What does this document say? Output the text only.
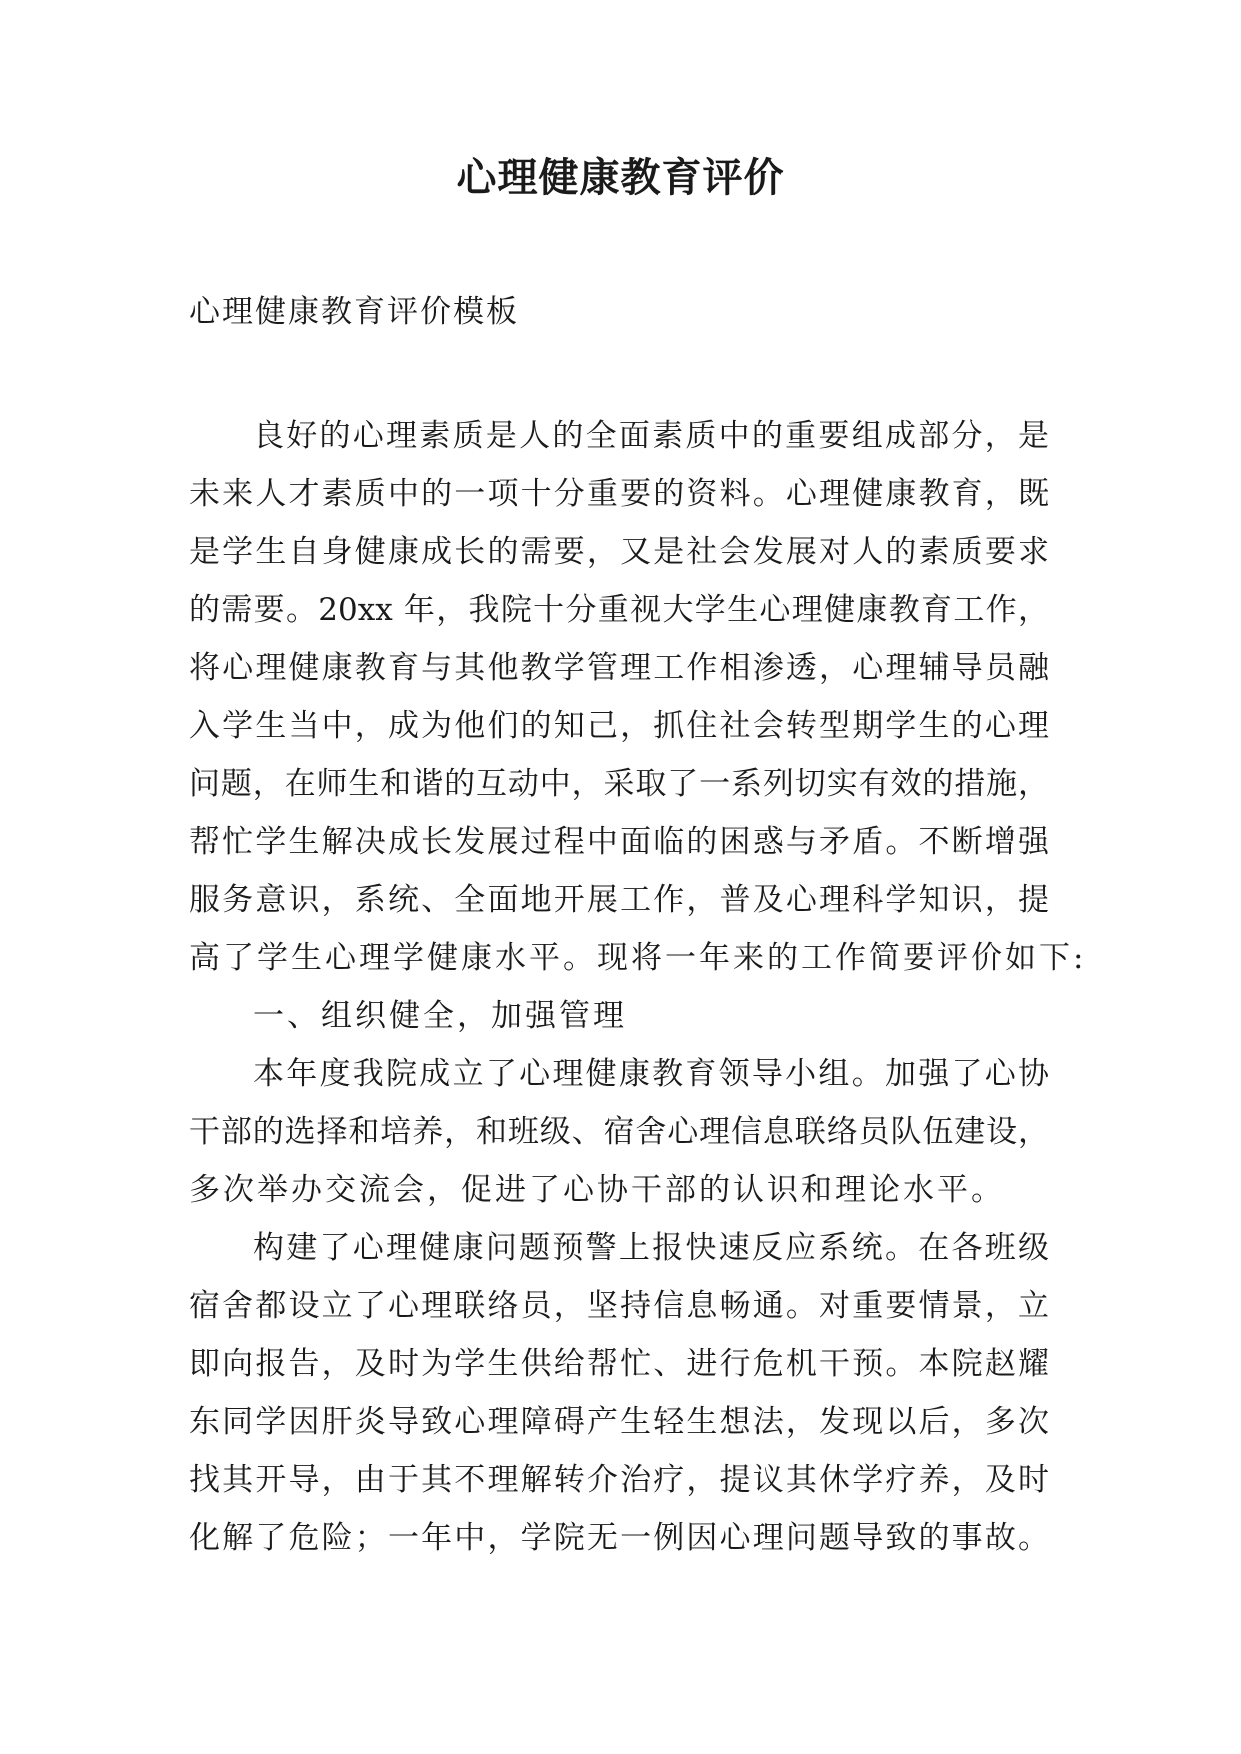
心理健康教育评价

心理健康教育评价模板

良好的心理素质是人的全面素质中的重要组成部分，是
未来人才素质中的一项十分重要的资料。心理健康教育，既
是学生自身健康成长的需要，又是社会发展对人的素质要求
的需要。20xx 年，我院十分重视大学生心理健康教育工作，
将心理健康教育与其他教学管理工作相渗透，心理辅导员融
入学生当中，成为他们的知己，抓住社会转型期学生的心理
问题，在师生和谐的互动中，采取了一系列切实有效的措施，
帮忙学生解决成长发展过程中面临的困惑与矛盾。不断增强
服务意识，系统、全面地开展工作，普及心理科学知识，提
高了学生心理学健康水平。现将一年来的工作简要评价如下:
一、组织健全，加强管理
本年度我院成立了心理健康教育领导小组。加强了心协
干部的选择和培养，和班级、宿舍心理信息联络员队伍建设，
多次举办交流会，促进了心协干部的认识和理论水平。
构建了心理健康问题预警上报快速反应系统。在各班级
宿舍都设立了心理联络员，坚持信息畅通。对重要情景，立
即向报告，及时为学生供给帮忙、进行危机干预。本院赵耀
东同学因肝炎导致心理障碍产生轻生想法，发现以后，多次
找其开导，由于其不理解转介治疗，提议其休学疗养，及时
化解了危险；一年中，学院无一例因心理问题导致的事故。
